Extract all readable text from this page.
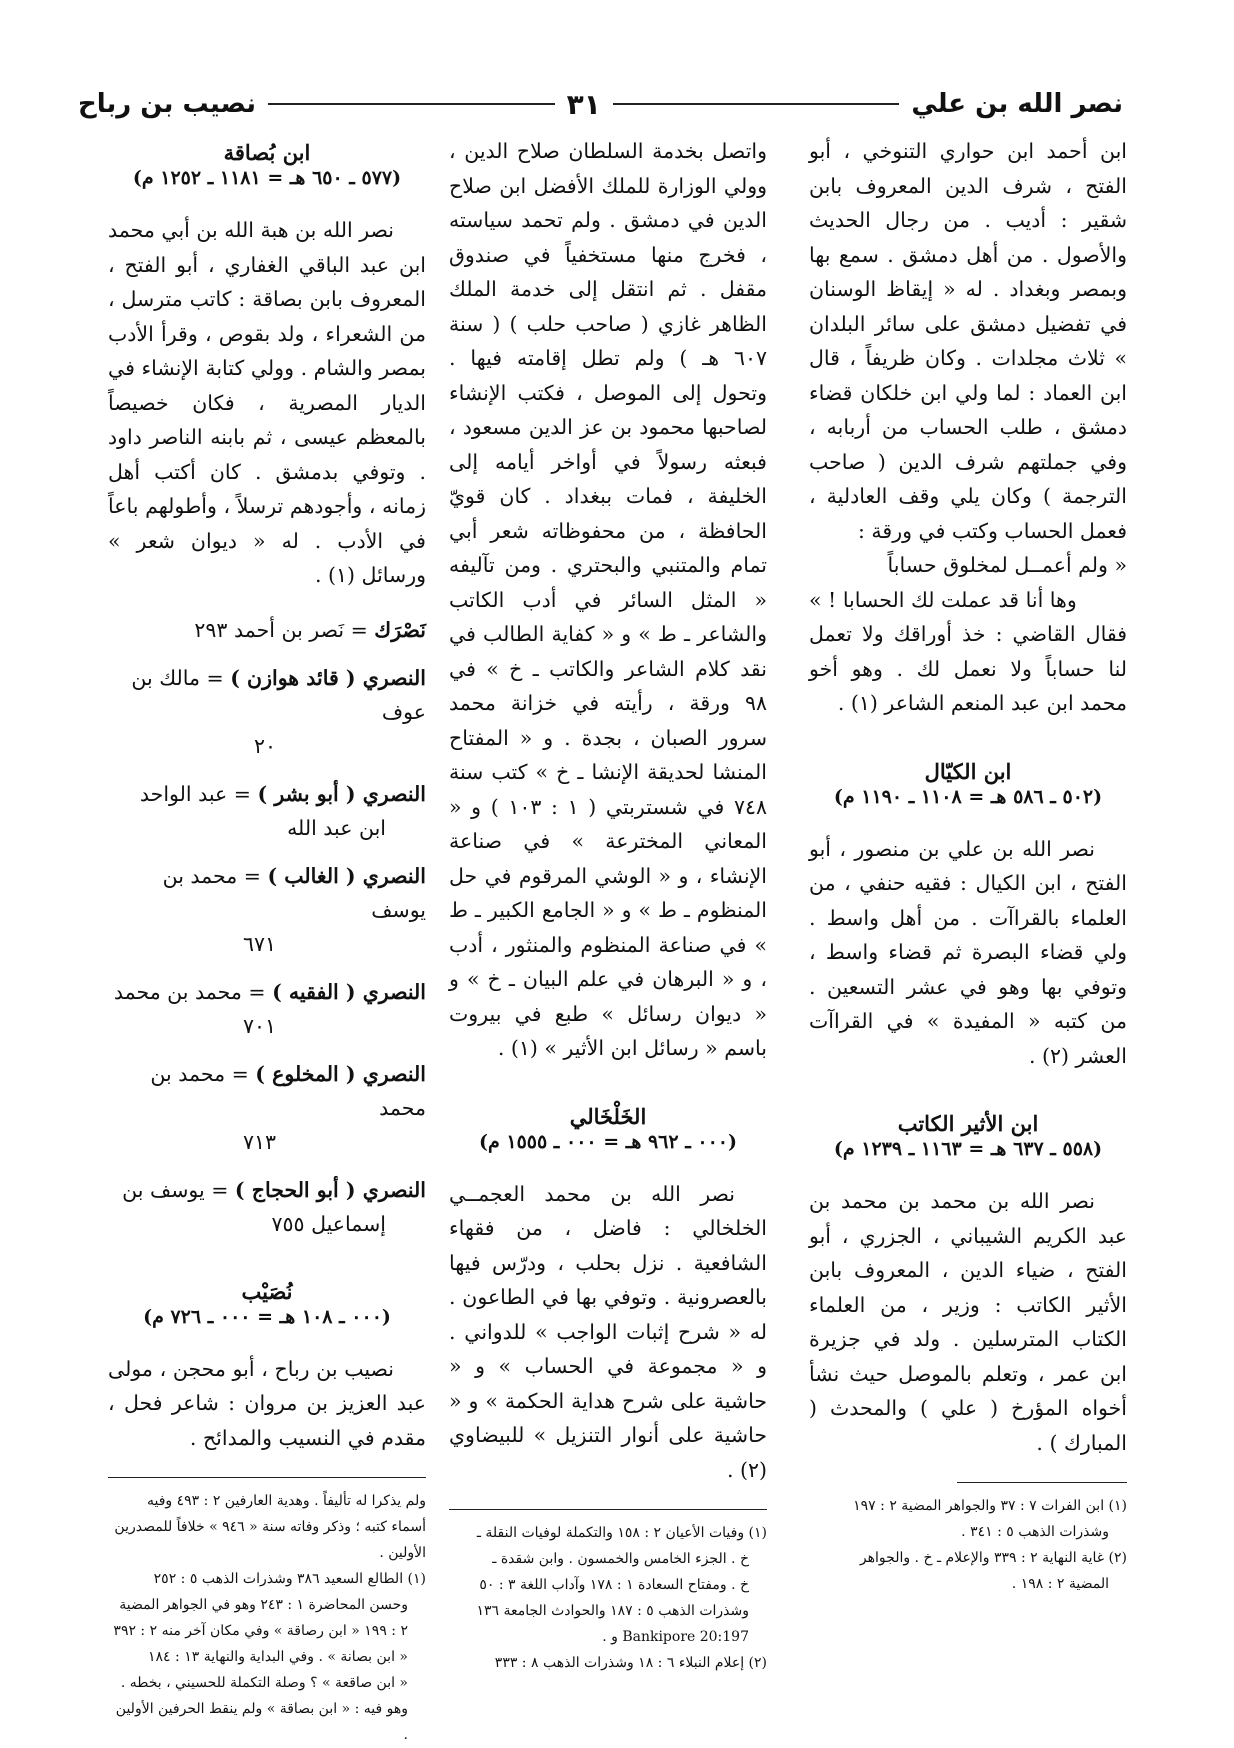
نصر الله بن علي
٣١
نصيب بن رباح

ابن أحمد ابن حواري التنوخي ، أبو الفتح ، شرف الدين المعروف بابن شقير : أديب . من رجال الحديث والأصول . من أهل دمشق . سمع بها وبمصر وبغداد . له « إيقاظ الوسنان في تفضيل دمشق على سائر البلدان » ثلاث مجلدات . وكان ظريفاً ، قال ابن العماد : لما ولي ابن خلكان قضاء دمشق ، طلب الحساب من أربابه ، وفي جملتهم شرف الدين ( صاحب الترجمة ) وكان يلي وقف العادلية ، فعمل الحساب وكتب في ورقة :

« ولم أعمــل لمخلوق حساباً

وها أنا قد عملت لك الحسابا ! »

فقال القاضي : خذ أوراقك ولا تعمل لنا حساباً ولا نعمل لك . وهو أخو محمد ابن عبد المنعم الشاعر (١) .

ابن الكيّال
(٥٠٢ ـ ٥٨٦ هـ = ١١٠٨ ـ ١١٩٠ م)

نصر الله بن علي بن منصور ، أبو الفتح ، ابن الكيال : فقيه حنفي ، من العلماء بالقراآت . من أهل واسط . ولي قضاء البصرة ثم قضاء واسط ، وتوفي بها وهو في عشر التسعين . من كتبه « المفيدة » في القراآت العشر (٢) .

ابن الأثير الكاتب
(٥٥٨ ـ ٦٣٧ هـ = ١١٦٣ ـ ١٢٣٩ م)

نصر الله بن محمد بن محمد بن عبد الكريم الشيباني ، الجزري ، أبو الفتح ، ضياء الدين ، المعروف بابن الأثير الكاتب : وزير ، من العلماء الكتاب المترسلين . ولد في جزيرة ابن عمر ، وتعلم بالموصل حيث نشأ أخواه المؤرخ ( علي ) والمحدث ( المبارك ) .

(١) ابن الفرات ٧ : ٣٧ والجواهر المضية ٢ : ١٩٧

وشذرات الذهب ٥ : ٣٤١ .

(٢) غاية النهاية ٢ : ٣٣٩ والإعلام ـ خ . والجواهر

المضية ٢ : ١٩٨ .

واتصل بخدمة السلطان صلاح الدين ، وولي الوزارة للملك الأفضل ابن صلاح الدين في دمشق . ولم تحمد سياسته ، فخرج منها مستخفياً في صندوق مقفل . ثم انتقل إلى خدمة الملك الظاهر غازي ( صاحب حلب ) ( سنة ٦٠٧ هـ ) ولم تطل إقامته فيها . وتحول إلى الموصل ، فكتب الإنشاء لصاحبها محمود بن عز الدين مسعود ، فبعثه رسولاً في أواخر أيامه إلى الخليفة ، فمات ببغداد . كان قويّ الحافظة ، من محفوظاته شعر أبي تمام والمتنبي والبحتري . ومن تآليفه « المثل السائر في أدب الكاتب والشاعر ـ ط » و « كفاية الطالب في نقد كلام الشاعر والكاتب ـ خ » في ٩٨ ورقة ، رأيته في خزانة محمد سرور الصبان ، بجدة . و « المفتاح المنشا لحديقة الإنشا ـ خ » كتب سنة ٧٤٨ في شستربتي ( ١ : ١٠٣ ) و « المعاني المخترعة » في صناعة الإنشاء ، و « الوشي المرقوم في حل المنظوم ـ ط » و « الجامع الكبير ـ ط » في صناعة المنظوم والمنثور ، أدب ، و « البرهان في علم البيان ـ خ » و « ديوان رسائل » طبع في بيروت باسم « رسائل ابن الأثير » (١) .

الخَلْخَالي
(٠٠٠ ـ ٩٦٢ هـ = ٠٠٠ ـ ١٥٥٥ م)

نصر الله بن محمد العجمــي الخلخالي : فاضل ، من فقهاء الشافعية . نزل بحلب ، ودرّس فيها بالعصرونية . وتوفي بها في الطاعون . له « شرح إثبات الواجب » للدواني . و « مجموعة في الحساب » و « حاشية على شرح هداية الحكمة » و « حاشية على أنوار التنزيل » للبيضاوي (٢) .

(١) وفيات الأعيان ٢ : ١٥٨ والتكملة لوفيات النقلة ـ

خ . الجزء الخامس والخمسون . وابن شقدة ـ

خ . ومفتاح السعادة ١ : ١٧٨ وآداب اللغة ٣ : ٥٠

وشذرات الذهب ٥ : ١٨٧ والحوادث الجامعة ١٣٦

Bankipore 20:197 و .

(٢) إعلام النبلاء ٦ : ١٨ وشذرات الذهب ٨ : ٣٣٣

ابن بُصاقة
(٥٧٧ ـ ٦٥٠ هـ = ١١٨١ ـ ١٢٥٢ م)

نصر الله بن هبة الله بن أبي محمد ابن عبد الباقي الغفاري ، أبو الفتح ، المعروف بابن بصاقة : كاتب مترسل ، من الشعراء ، ولد بقوص ، وقرأ الأدب بمصر والشام . وولي كتابة الإنشاء في الديار المصرية ، فكان خصيصاً بالمعظم عيسى ، ثم بابنه الناصر داود . وتوفي بدمشق . كان أكتب أهل زمانه ، وأجودهم ترسلاً ، وأطولهم باعاً في الأدب . له « ديوان شعر » ورسائل (١) .

نَصْرَك = نَصر بن أحمد ٢٩٣
النصري ( قائد هوازن ) = مالك بن عوف
٢٠
النصري ( أبو بشر ) = عبد الواحد
ابن عبد الله
النصري ( الغالب ) = محمد بن يوسف
٦٧١
النصري ( الفقيه ) = محمد بن محمد
٧٠١
النصري ( المخلوع ) = محمد بن محمد
٧١٣
النصري ( أبو الحجاج ) = يوسف بن
إسماعيل ٧٥٥
نُصَيْب
(٠٠٠ ـ ١٠٨ هـ = ٠٠٠ ـ ٧٢٦ م)

نصيب بن رباح ، أبو محجن ، مولى عبد العزيز بن مروان : شاعر فحل ، مقدم في النسيب والمدائح .

ولم يذكرا له تأليفاً . وهدية العارفين ٢ : ٤٩٣ وفيه أسماء كتبه ؛ وذكر وفاته سنة « ٩٤٦ » خلافاً للمصدرين الأولين .

(١) الطالع السعيد ٣٨٦ وشذرات الذهب ٥ : ٢٥٢

وحسن المحاضرة ١ : ٢٤٣ وهو في الجواهر المضية

٢ : ١٩٩ « ابن رصاقة » وفي مكان آخر منه ٢ : ٣٩٢

« ابن بصانة » . وفي البداية والنهاية ١٣ : ١٨٤

« ابن صاقعة » ؟ وصلة التكملة للحسيني ، بخطه .

وهو فيه : « ابن بصاقة » ولم ينقط الحرفين الأولين .
